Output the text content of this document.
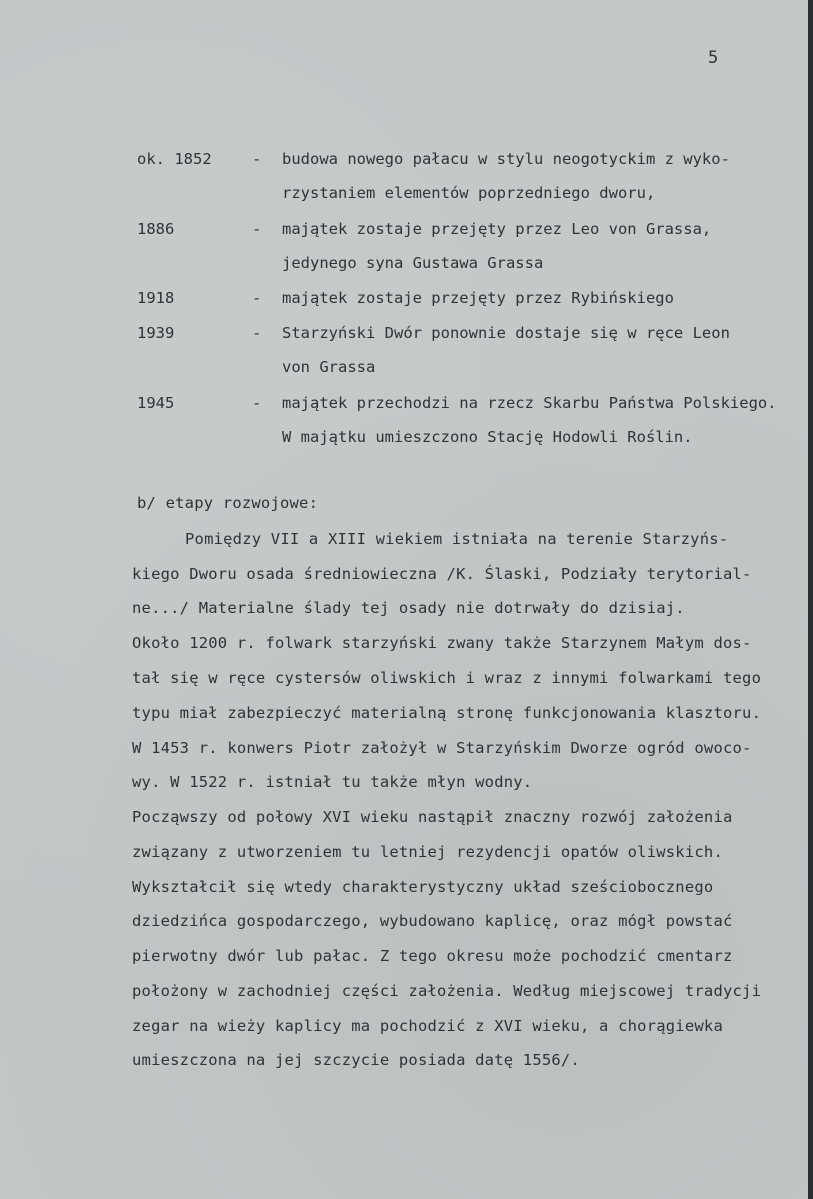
5
ok. 1852	- budowa nowego pałacu w stylu neogotyckim z wyko-
rzystaniem elementów poprzedniego dworu,
1886	- majątek zostaje przejęty przez Leo von Grassa,
jedynego syna Gustawa Grassa
1918	- majątek zostaje przejęty przez Rybińskiego
1939	- Starzyński Dwór ponownie dostaje się w ręce Leon
von Grassa
1945	- majątek przechodzi na rzecz Skarbu Państwa Polskiego.
W majątku umieszczono Stację Hodowli Roślin.
b/ etapy rozwojowe:
Pomiędzy VII a XIII wiekiem istniała na terenie Starzyńs-
kiego Dworu osada średniowieczna /K. Ślaski, Podziały terytorial-
ne.../ Materialne ślady tej osady nie dotrwały do dzisiaj.
Około 1200 r. folwark starzyński zwany także Starzynem Małym dos-
tał się w ręce cystersów oliwskich i wraz z innymi folwarkami tego
typu miał zabezpieczyć materialną stronę funkcjonowania klasztoru.
W 1453 r. konwers Piotr założył w Starzyńskim Dworze ogród owoco-
wy. W 1522 r. istniał tu także młyn wodny.
Począwszy od połowy XVI wieku nastąpił znaczny rozwój założenia
związany z utworzeniem tu letniej rezydencji opatów oliwskich.
Wykształcił się wtedy charakterystyczny układ sześciobocznego
dziedzińca gospodarczego, wybudowano kaplicę, oraz mógł powstać
pierwotny dwór lub pałac. Z tego okresu może pochodzić cmentarz
położony w zachodniej części założenia. Według miejscowej tradycji
zegar na wieży kaplicy ma pochodzić z XVI wieku, a chorągiewka
umieszczona na jej szczycie posiada datę 1556/.
